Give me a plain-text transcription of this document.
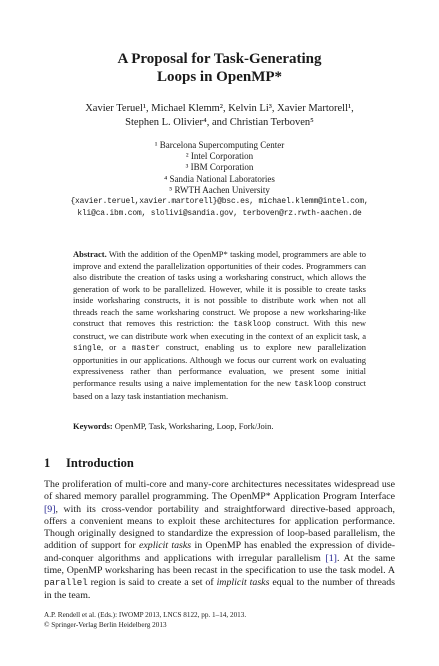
A Proposal for Task-Generating
Loops in OpenMP*
Xavier Teruel¹, Michael Klemm², Kelvin Li³, Xavier Martorell¹,
Stephen L. Olivier⁴, and Christian Terboven⁵
¹ Barcelona Supercomputing Center
² Intel Corporation
³ IBM Corporation
⁴ Sandia National Laboratories
⁵ RWTH Aachen University
{xavier.teruel,xavier.martorell}@bsc.es, michael.klemm@intel.com,
kli@ca.ibm.com, slolivi@sandia.gov, terboven@rz.rwth-aachen.de
Abstract. With the addition of the OpenMP* tasking model, programmers are able to improve and extend the parallelization opportunities of their codes. Programmers can also distribute the creation of tasks using a worksharing construct, which allows the generation of work to be parallelized. However, while it is possible to create tasks inside worksharing constructs, it is not possible to distribute work when not all threads reach the same worksharing construct. We propose a new worksharing-like construct that removes this restriction: the taskloop construct. With this new construct, we can distribute work when executing in the context of an explicit task, a single, or a master construct, enabling us to explore new parallelization opportunities in our applications. Although we focus our current work on evaluating expressiveness rather than performance evaluation, we present some initial performance results using a naive implementation for the new taskloop construct based on a lazy task instantiation mechanism.
Keywords: OpenMP, Task, Worksharing, Loop, Fork/Join.
1 Introduction
The proliferation of multi-core and many-core architectures necessitates widespread use of shared memory parallel programming. The OpenMP* Application Program Interface [9], with its cross-vendor portability and straightforward directive-based approach, offers a convenient means to exploit these architectures for application performance. Though originally designed to standardize the expression of loop-based parallelism, the addition of support for explicit tasks in OpenMP has enabled the expression of divide-and-conquer algorithms and applications with irregular parallelism [1]. At the same time, OpenMP worksharing has been recast in the specification to use the task model. A parallel region is said to create a set of implicit tasks equal to the number of threads in the team.
A.P. Rendell et al. (Eds.): IWOMP 2013, LNCS 8122, pp. 1–14, 2013.
© Springer-Verlag Berlin Heidelberg 2013
